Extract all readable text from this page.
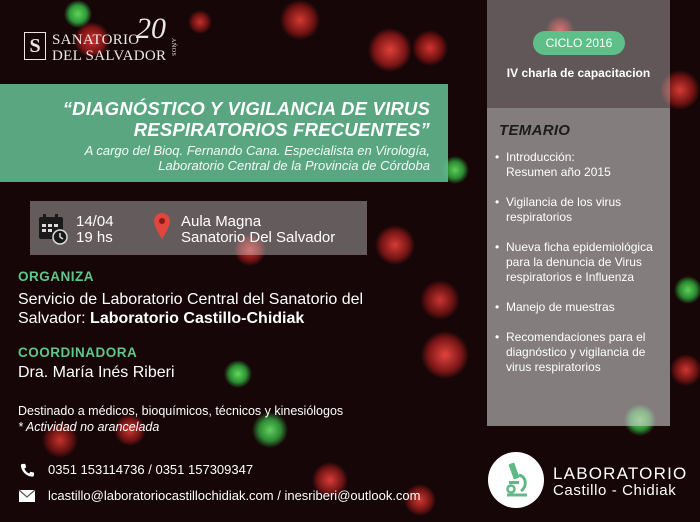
S SANATORIO
DEL SALVADOR
20
AÑOS
“DIAGNÓSTICO Y VIGILANCIA DE VIRUS RESPIRATORIOS FRECUENTES”
A cargo del Bioq. Fernando Cana. Especialista en Virología, Laboratorio Central de la Provincia de Córdoba
14/04
19 hs
Aula Magna
Sanatorio Del Salvador
ORGANIZA
Servicio de Laboratorio Central del Sanatorio del Salvador: Laboratorio Castillo-Chidiak
COORDINADORA
Dra. María Inés Riberi
Destinado a médicos, bioquímicos, técnicos y kinesiólogos
* Actividad no arancelada
0351 153114736 / 0351 157309347
lcastillo@laboratoriocastillochidiak.com / inesriberi@outlook.com
CICLO 2016
IV charla de capacitacion
TEMARIO
• Introducción: Resumen año 2015
• Vigilancia de los virus respiratorios
• Nueva ficha epidemiológica para la denuncia de Virus respiratorios e Influenza
• Manejo de muestras
• Recomendaciones para el diagnóstico y vigilancia de virus respiratorios
LABORATORIO
Castillo - Chidiak
